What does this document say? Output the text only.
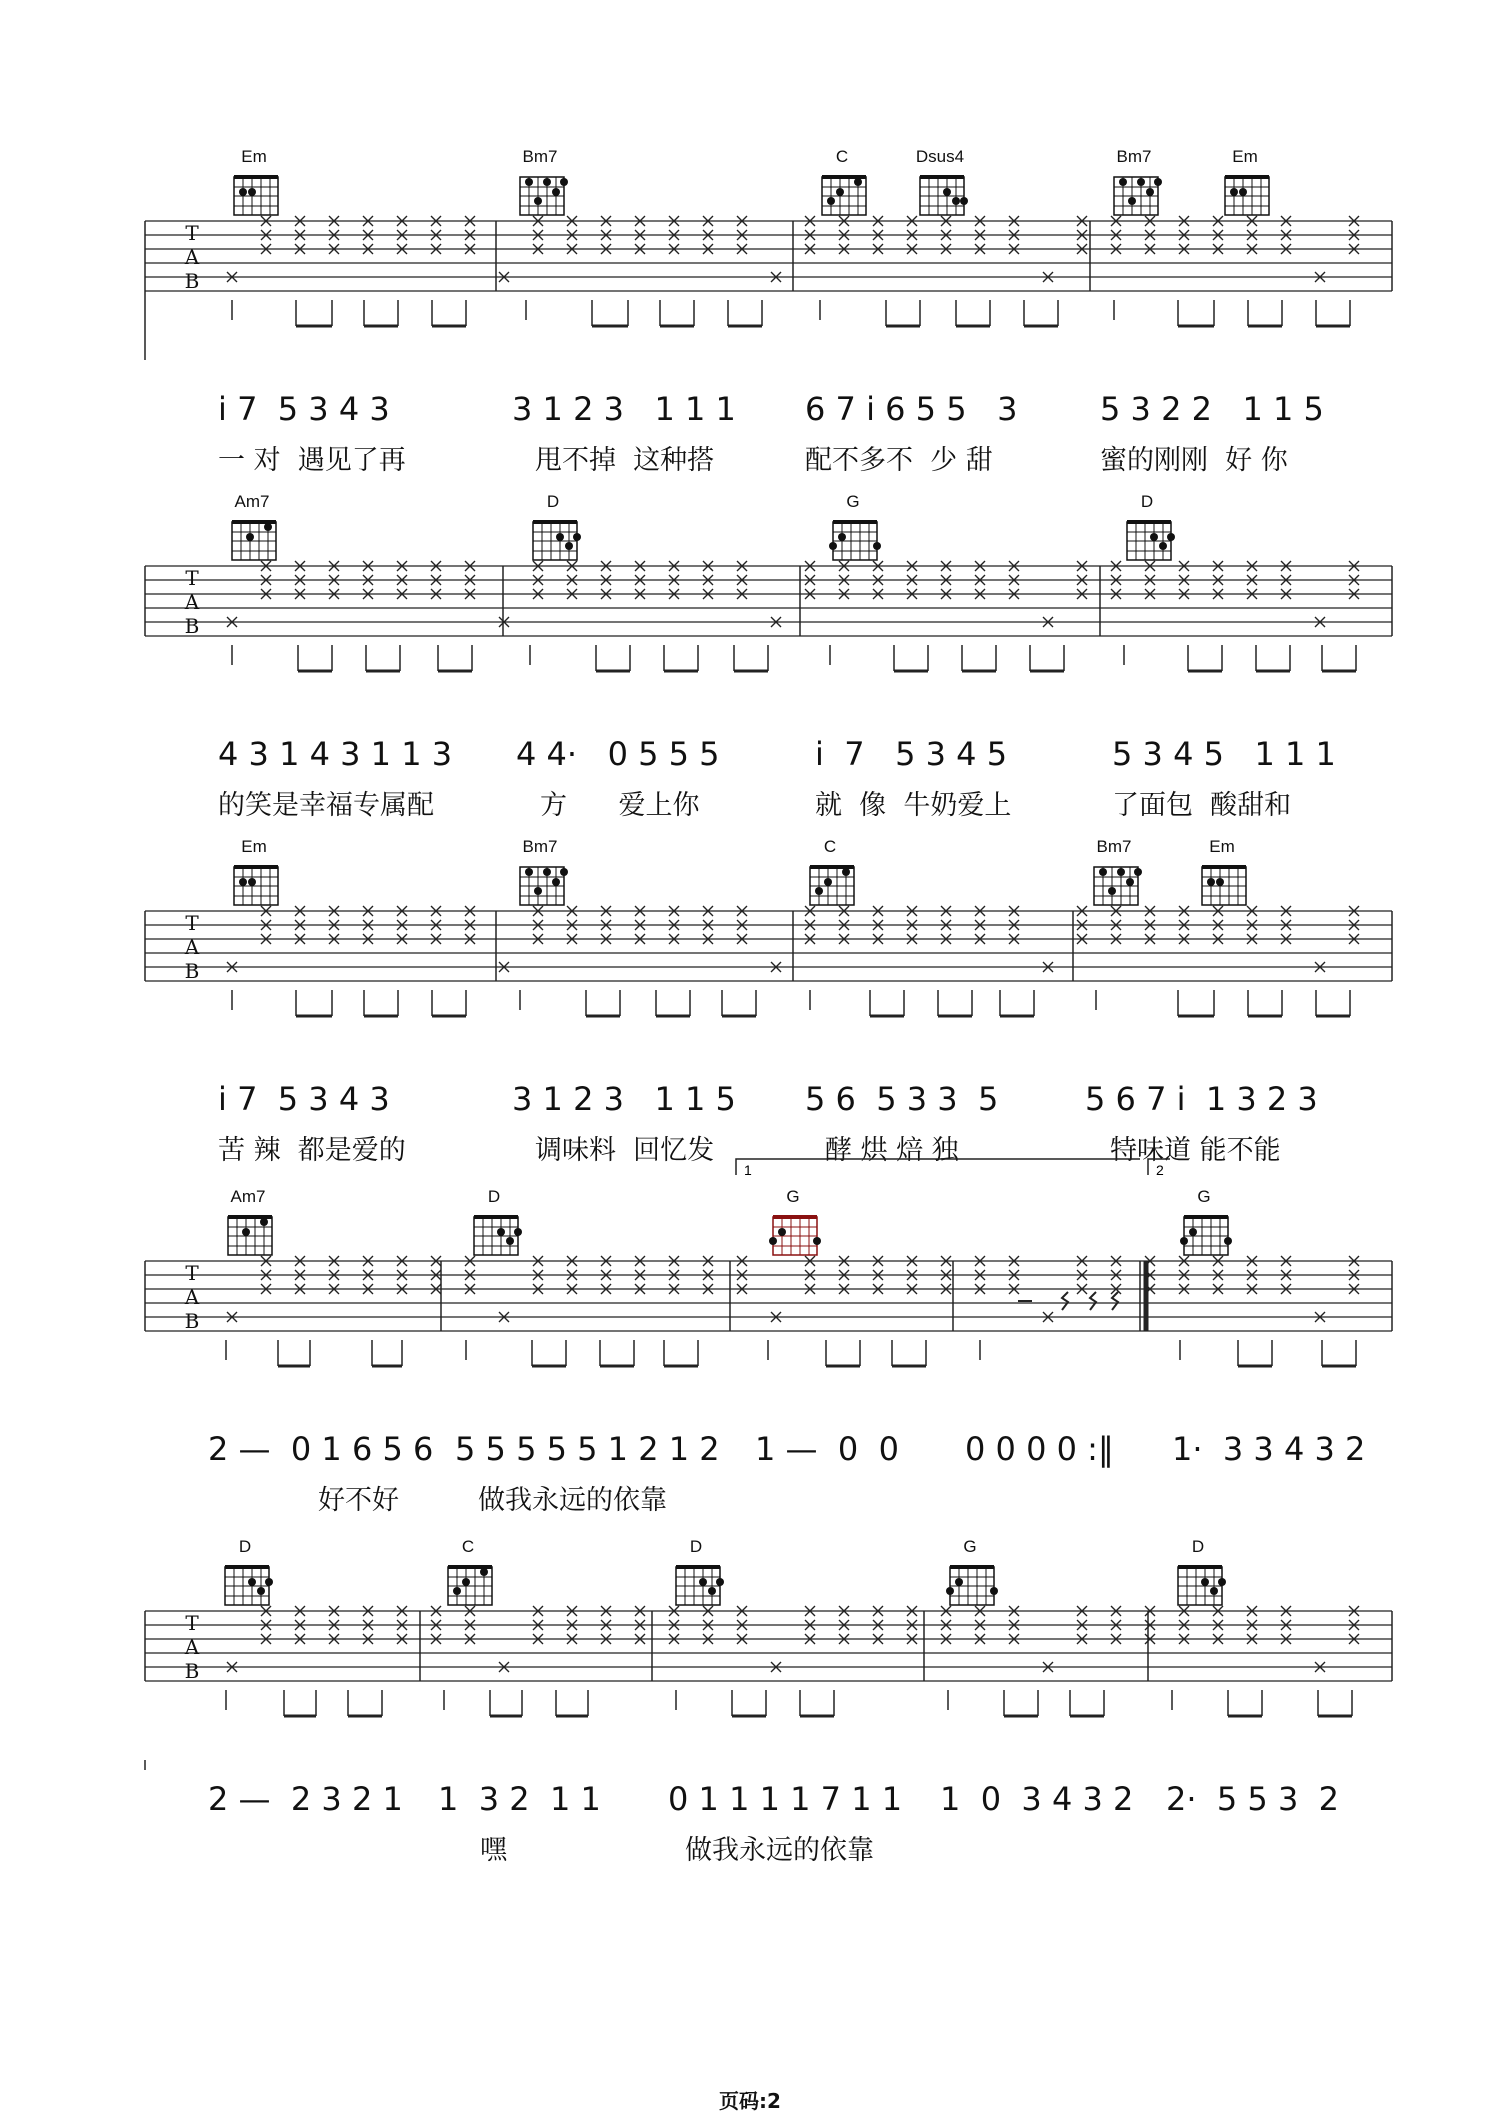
Em	Bm7	C	Dsus4	Bm7	Em
T
A
B
i 7  5 3 4 3	3 1 2 3   1 1 1 6 7 i 6 5 5   3	5 3 2 2   1 1 5
一 对  遇见了再	甩不掉  这种搭	配不多不  少 甜	蜜的刚刚  好 你
Am7	D	G	D
T
A
B
4 3 1 4 3 1 1 3 4 4·   0 5 5 5	i  7   5 3 4 5	5 3 4 5   1 1 1
的笑是幸福专属配	方      爱上你	就  像  牛奶爱上	了面包  酸甜和
Em	Bm7	C	Bm7	Em
T
A
B
i 7  5 3 4 3	3 1 2 3   1 1 5 5 6  5 3 3  5	5 6 7 i  1 3 2 3
苦 辣  都是爱的	调味料  回忆发	酵 烘 焙 独	特味道 能不能
1	2
Am7	D	G	G
T
A
B
2 —  0 1 6 5 6 5 5 5 5 5 1 2 1 2 1 —  0  0 0 0 0 0 :‖ 1·  3 3 4 3 2
好不好	做我永远的依靠
D	C	D	G	D
T
A
B
2 —  2 3 2 1 1  3 2  1 1 0 1 1 1 1 7 1 1 1  0  3 4 3 2 2·  5 5 3  2
嘿	做我永远的依靠
页码:2
